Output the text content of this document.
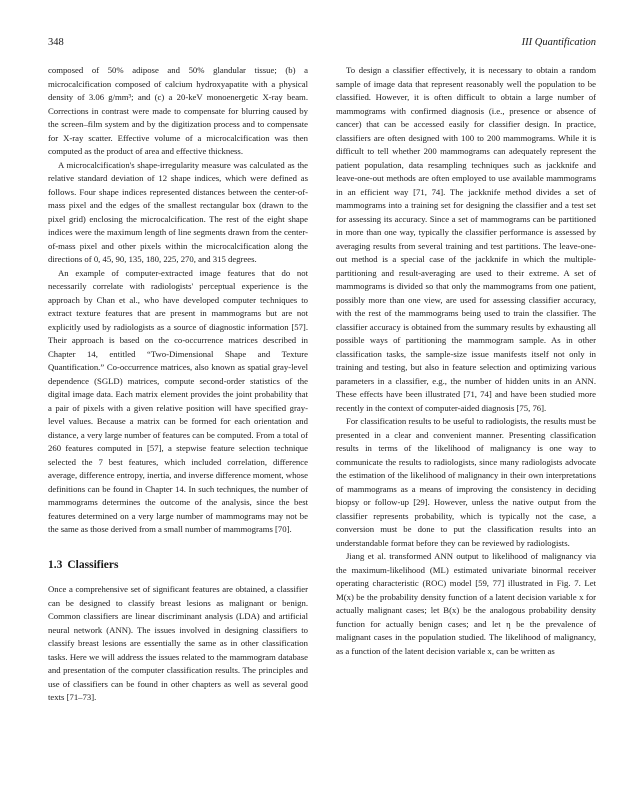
348	III Quantification

composed of 50% adipose and 50% glandular tissue; (b) a microcalcification composed of calcium hydroxyapatite with a physical density of 3.06 g/mm³; and (c) a 20-keV monoenergetic X-ray beam. Corrections in contrast were made to compensate for blurring caused by the screen–film system and by the digitization process and to compensate for X-ray scatter. Effective volume of a microcalcification was then computed as the product of area and effective thickness.

A microcalcification's shape-irregularity measure was calculated as the relative standard deviation of 12 shape indices, which were defined as follows. Four shape indices represented distances between the center-of-mass pixel and the edges of the smallest rectangular box (drawn to the pixel grid) enclosing the microcalcification. The rest of the eight shape indices were the maximum length of line segments drawn from the center-of-mass pixel and other pixels within the microcalcification along the directions of 0, 45, 90, 135, 180, 225, 270, and 315 degrees.

An example of computer-extracted image features that do not necessarily correlate with radiologists' perceptual experience is the approach by Chan et al., who have developed computer techniques to extract texture features that are present in mammograms but are not explicitly used by radiologists as a source of diagnostic information [57]. Their approach is based on the co-occurrence matrices described in Chapter 14, entitled “Two-Dimensional Shape and Texture Quantification.” Co-occurrence matrices, also known as spatial gray-level dependence (SGLD) matrices, compute second-order statistics of the digital image data. Each matrix element provides the joint probability that a pair of pixels with a given relative position will have specified gray-level values. Because a matrix can be formed for each orientation and distance, a very large number of features can be computed. From a total of 260 features computed in [57], a stepwise feature selection technique selected the 7 best features, which included correlation, difference average, difference entropy, inertia, and inverse difference moment, whose definitions can be found in Chapter 14. In such techniques, the number of mammograms determines the outcome of the analysis, since the best features determined on a very large number of mammograms may not be the same as those derived from a small number of mammograms [70].

1.3 Classifiers

Once a comprehensive set of significant features are obtained, a classifier can be designed to classify breast lesions as malignant or benign. Common classifiers are linear discriminant analysis (LDA) and artificial neural network (ANN). The issues involved in designing classifiers to classify breast lesions are essentially the same as in other classification tasks. Here we will address the issues related to the mammogram database and presentation of the computer classification results. The principles and use of classifiers can be found in other chapters as well as several good texts [71–73].

To design a classifier effectively, it is necessary to obtain a random sample of image data that represent reasonably well the population to be classified. However, it is often difficult to obtain a large number of mammograms with confirmed diagnosis (i.e., presence or absence of cancer) that can be accessed easily for classifier design. In practice, classifiers are often designed with 100 to 200 mammograms. While it is difficult to tell whether 200 mammograms can adequately represent the patient population, data resampling techniques such as jackknife and leave-one-out methods are often employed to use available mammograms in an efficient way [71, 74]. The jackknife method divides a set of mammograms into a training set for designing the classifier and a test set for assessing its accuracy. Since a set of mammograms can be partitioned in more than one way, typically the classifier performance is assessed by averaging results from several training and test partitions. The leave-one-out method is a special case of the jackknife in which the multiple-partitioning and result-averaging are used to their extreme. A set of mammograms is divided so that only the mammograms from one patient, possibly more than one view, are used for assessing classifier accuracy, with the rest of the mammograms being used to train the classifier. The classifier accuracy is obtained from the summary results by exhausting all possible ways of partitioning the mammogram sample. As in other classification tasks, the sample-size issue manifests itself not only in training and testing, but also in feature selection and optimizing various parameters in a classifier, e.g., the number of hidden units in an ANN. These effects have been illustrated [71, 74] and have been studied more recently in the context of computer-aided diagnosis [75, 76].

For classification results to be useful to radiologists, the results must be presented in a clear and convenient manner. Presenting classification results in terms of the likelihood of malignancy is one way to communicate the results to radiologists, since many radiologists advocate the estimation of the likelihood of malignancy in their own interpretations of mammograms as a means of improving the consistency in deciding biopsy or follow-up [29]. However, unless the native output from the classifier represents probability, which is typically not the case, a conversion must be done to put the classification results into an understandable format before they can be reviewed by radiologists.

Jiang et al. transformed ANN output to likelihood of malignancy via the maximum-likelihood (ML) estimated univariate binormal receiver operating characteristic (ROC) model [59, 77] illustrated in Fig. 7. Let M(x) be the probability density function of a latent decision variable x for actually malignant cases; let B(x) be the analogous probability density function for actually benign cases; and let η be the prevalence of malignant cases in the population studied. The likelihood of malignancy, as a function of the latent decision variable x, can be written as
